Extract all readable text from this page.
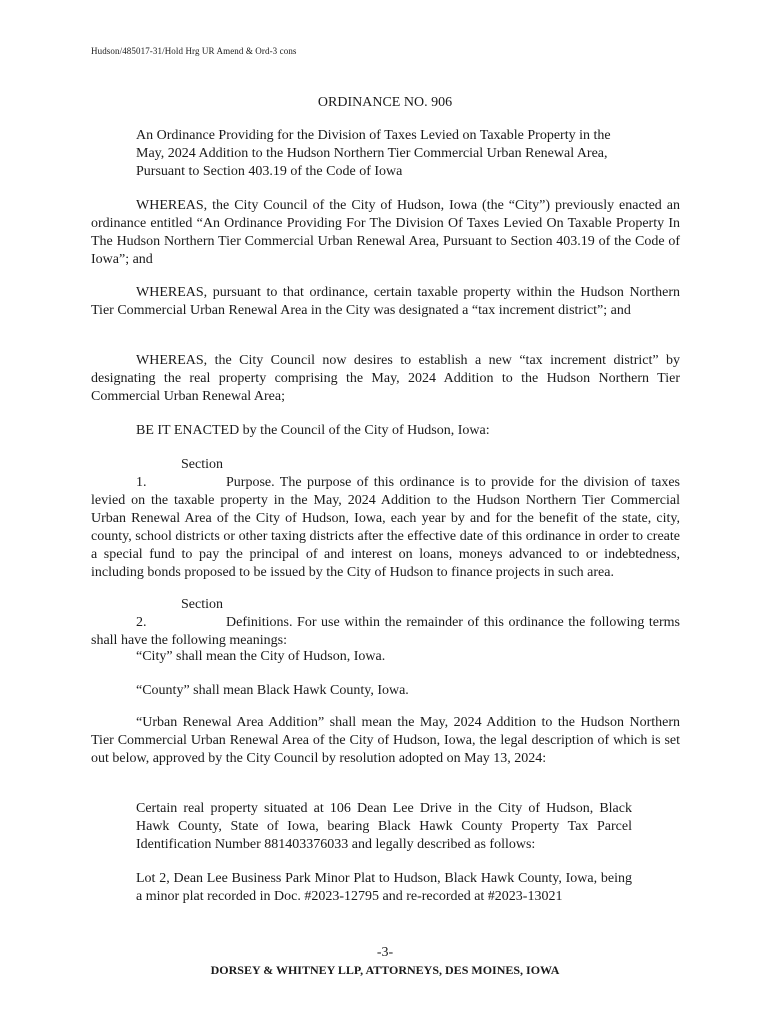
Hudson/485017-31/Hold Hrg UR Amend & Ord-3 cons
ORDINANCE NO. 906
An Ordinance Providing for the Division of Taxes Levied on Taxable Property in the May, 2024 Addition to the Hudson Northern Tier Commercial Urban Renewal Area, Pursuant to Section 403.19 of the Code of Iowa
WHEREAS, the City Council of the City of Hudson, Iowa (the “City”) previously enacted an ordinance entitled “An Ordinance Providing For The Division Of Taxes Levied On Taxable Property In The Hudson Northern Tier Commercial Urban Renewal Area, Pursuant to Section 403.19 of the Code of Iowa”; and
WHEREAS, pursuant to that ordinance, certain taxable property within the Hudson Northern Tier Commercial Urban Renewal Area in the City was designated a “tax increment district”; and
WHEREAS, the City Council now desires to establish a new “tax increment district” by designating the real property comprising the May, 2024 Addition to the Hudson Northern Tier Commercial Urban Renewal Area;
BE IT ENACTED by the Council of the City of Hudson, Iowa:
Section 1.	Purpose. The purpose of this ordinance is to provide for the division of taxes levied on the taxable property in the May, 2024 Addition to the Hudson Northern Tier Commercial Urban Renewal Area of the City of Hudson, Iowa, each year by and for the benefit of the state, city, county, school districts or other taxing districts after the effective date of this ordinance in order to create a special fund to pay the principal of and interest on loans, moneys advanced to or indebtedness, including bonds proposed to be issued by the City of Hudson to finance projects in such area.
Section 2.	Definitions. For use within the remainder of this ordinance the following terms shall have the following meanings:
“City” shall mean the City of Hudson, Iowa.
“County” shall mean Black Hawk County, Iowa.
“Urban Renewal Area Addition” shall mean the May, 2024 Addition to the Hudson Northern Tier Commercial Urban Renewal Area of the City of Hudson, Iowa, the legal description of which is set out below, approved by the City Council by resolution adopted on May 13, 2024:
Certain real property situated at 106 Dean Lee Drive in the City of Hudson, Black Hawk County, State of Iowa, bearing Black Hawk County Property Tax Parcel Identification Number 881403376033 and legally described as follows:
Lot 2, Dean Lee Business Park Minor Plat to Hudson, Black Hawk County, Iowa, being a minor plat recorded in Doc. #2023-12795 and re-recorded at #2023-13021
-3-
DORSEY & WHITNEY LLP, ATTORNEYS, DES MOINES, IOWA
